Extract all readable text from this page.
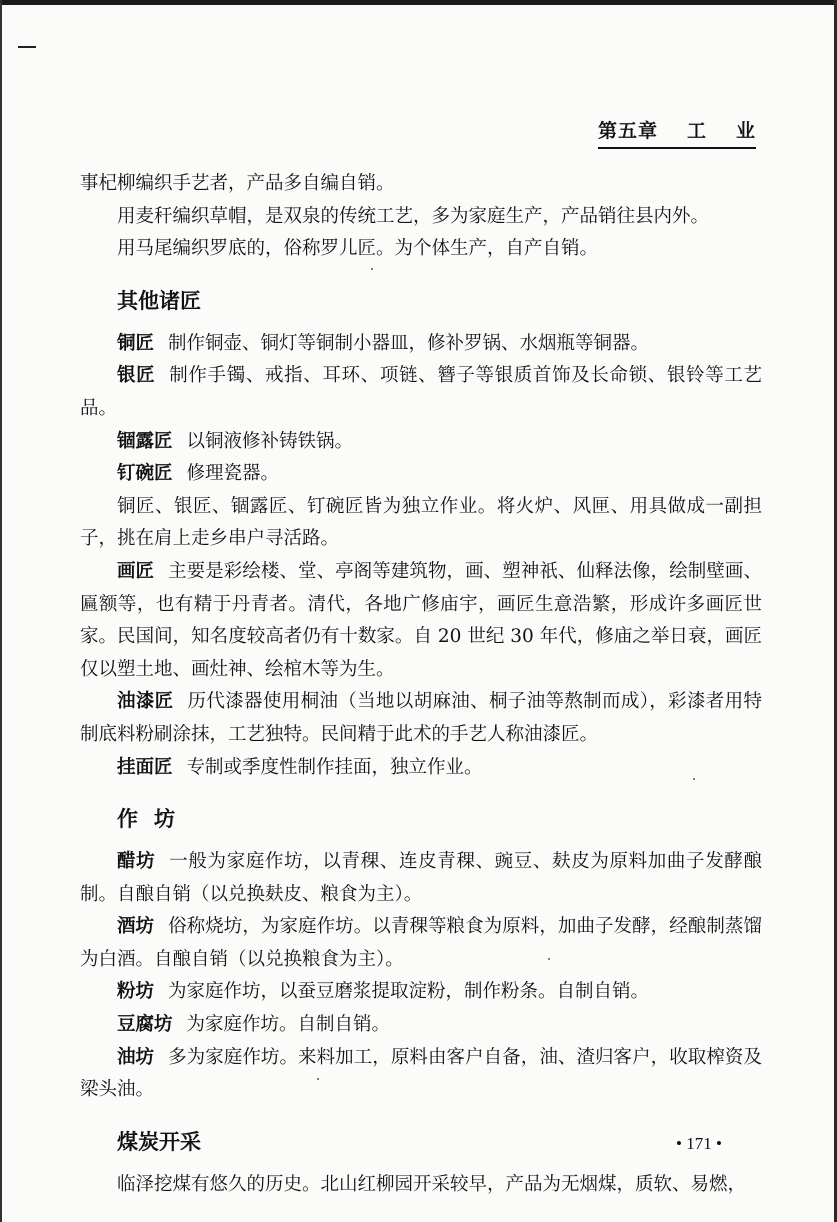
第五章 工 业

事杞柳编织手艺者，产品多自编自销。

用麦秆编织草帽，是双泉的传统工艺，多为家庭生产，产品销往县内外。

用马尾编织罗底的，俗称罗儿匠。为个体生产，自产自销。

其他诸匠

铜匠 制作铜壶、铜灯等铜制小器皿，修补罗锅、水烟瓶等铜器。

银匠 制作手镯、戒指、耳环、项链、簪子等银质首饰及长命锁、银铃等工艺品。

锢露匠 以铜液修补铸铁锅。

钉碗匠 修理瓷器。

铜匠、银匠、锢露匠、钉碗匠皆为独立作业。将火炉、风匣、用具做成一副担子，挑在肩上走乡串户寻活路。

画匠 主要是彩绘楼、堂、亭阁等建筑物，画、塑神祇、仙释法像，绘制壁画、匾额等，也有精于丹青者。清代，各地广修庙宇，画匠生意浩繁，形成许多画匠世家。民国间，知名度较高者仍有十数家。自 20 世纪 30 年代，修庙之举日衰，画匠仅以塑土地、画灶神、绘棺木等为生。

油漆匠 历代漆器使用桐油（当地以胡麻油、桐子油等熬制而成），彩漆者用特制底料粉刷涂抹，工艺独特。民间精于此术的手艺人称油漆匠。

挂面匠 专制或季度性制作挂面，独立作业。

作坊

醋坊 一般为家庭作坊，以青稞、连皮青稞、豌豆、麸皮为原料加曲子发酵酿制。自酿自销（以兑换麸皮、粮食为主）。

酒坊 俗称烧坊，为家庭作坊。以青稞等粮食为原料，加曲子发酵，经酿制蒸馏为白酒。自酿自销（以兑换粮食为主）。

粉坊 为家庭作坊，以蚕豆磨浆提取淀粉，制作粉条。自制自销。

豆腐坊 为家庭作坊。自制自销。

油坊 多为家庭作坊。来料加工，原料由客户自备，油、渣归客户，收取榨资及梁头油。

煤炭开采

临泽挖煤有悠久的历史。北山红柳园开采较早，产品为无烟煤，质软、易燃，

• 171 •
